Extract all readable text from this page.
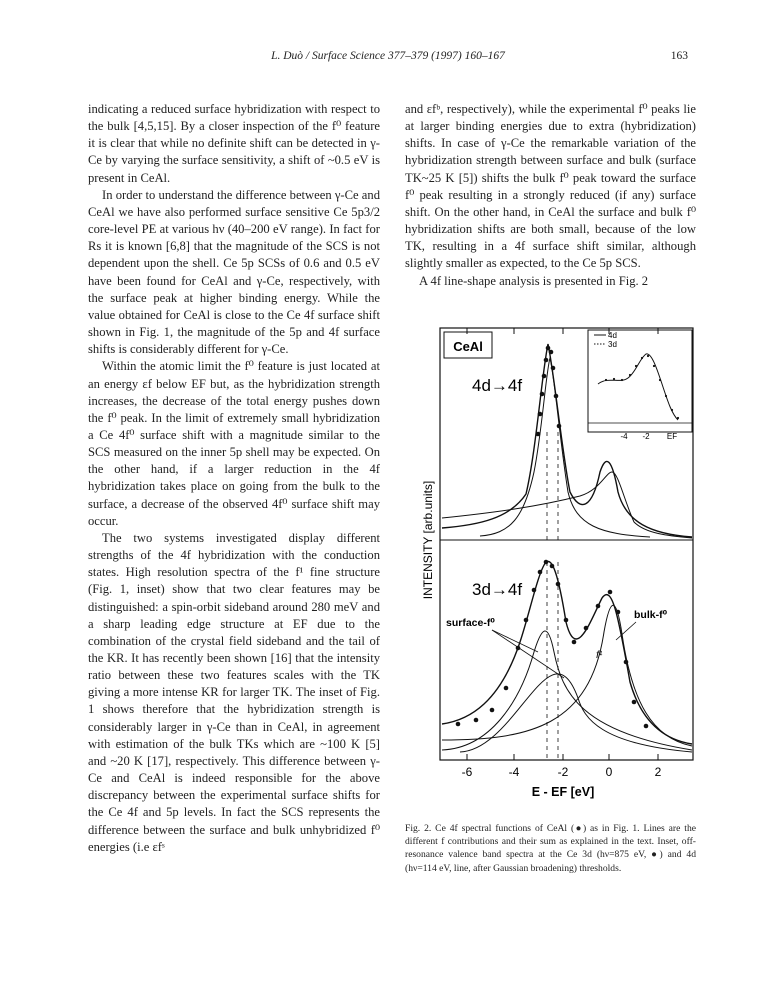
L. Duò / Surface Science 377–379 (1997) 160–167	163

indicating a reduced surface hybridization with respect to the bulk [4,5,15]. By a closer inspection of the f⁰ feature it is clear that while no definite shift can be detected in γ-Ce by varying the surface sensitivity, a shift of ~0.5 eV is present in CeAl.

In order to understand the difference between γ-Ce and CeAl we have also performed surface sensitive Ce 5p3/2 core-level PE at various hν (40–200 eV range). In fact for Rs it is known [6,8] that the magnitude of the SCS is not dependent upon the shell. Ce 5p SCSs of 0.6 and 0.5 eV have been found for CeAl and γ-Ce, respectively, with the surface peak at higher binding energy. While the value obtained for CeAl is close to the Ce 4f surface shift shown in Fig. 1, the magnitude of the 5p and 4f surface shifts is considerably different for γ-Ce.

Within the atomic limit the f⁰ feature is just located at an energy εf below EF but, as the hybridization strength increases, the decrease of the total energy pushes down the f⁰ peak. In the limit of extremely small hybridization a Ce 4f⁰ surface shift with a magnitude similar to the SCS measured on the inner 5p shell may be expected. On the other hand, if a larger reduction in the 4f hybridization takes place on going from the bulk to the surface, a decrease of the observed 4f⁰ surface shift may occur.

The two systems investigated display different strengths of the 4f hybridization with the conduction states. High resolution spectra of the f¹ fine structure (Fig. 1, inset) show that two clear features may be distinguished: a spin-orbit sideband around 280 meV and a sharp leading edge structure at EF due to the combination of the crystal field sideband and the tail of the KR. It has recently been shown [16] that the intensity ratio between these two features scales with the TK giving a more intense KR for larger TK. The inset of Fig. 1 shows therefore that the hybridization strength is considerably larger in γ-Ce than in CeAl, in agreement with estimation of the bulk TKs which are ~100 K [5] and ~20 K [17], respectively. This difference between γ-Ce and CeAl is indeed responsible for the above discrepancy between the experimental surface shifts for the Ce 4f and 5p levels. In fact the SCS represents the difference between the surface and bulk unhybridized f⁰ energies (i.e εfˢ

and εfᵇ, respectively), while the experimental f⁰ peaks lie at larger binding energies due to extra (hybridization) shifts. In case of γ-Ce the remarkable variation of the hybridization strength between surface and bulk (surface TK~25 K [5]) shifts the bulk f⁰ peak toward the surface f⁰ peak resulting in a strongly reduced (if any) surface shift. On the other hand, in CeAl the surface and bulk f⁰ hybridization shifts are both small, because of the low TK, resulting in a 4f surface shift similar, although slightly smaller as expected, to the Ce 5p SCS.

A 4f line-shape analysis is presented in Fig. 2

INTENSITY [arb.units]
CeAl
4d→4f
3d→4f
4d
3d
-4 -2 EF
surface-f⁰
bulk-f⁰
f¹
-6	-4	-2	0	2
E - EF [eV]
Fig. 2. Ce 4f spectral functions of CeAl (●) as in Fig. 1. Lines are the different f contributions and their sum as explained in the text. Inset, off-resonance valence band spectra at the Ce 3d (hν=875 eV, ●) and 4d (hν=114 eV, line, after Gaussian broadening) thresholds.
